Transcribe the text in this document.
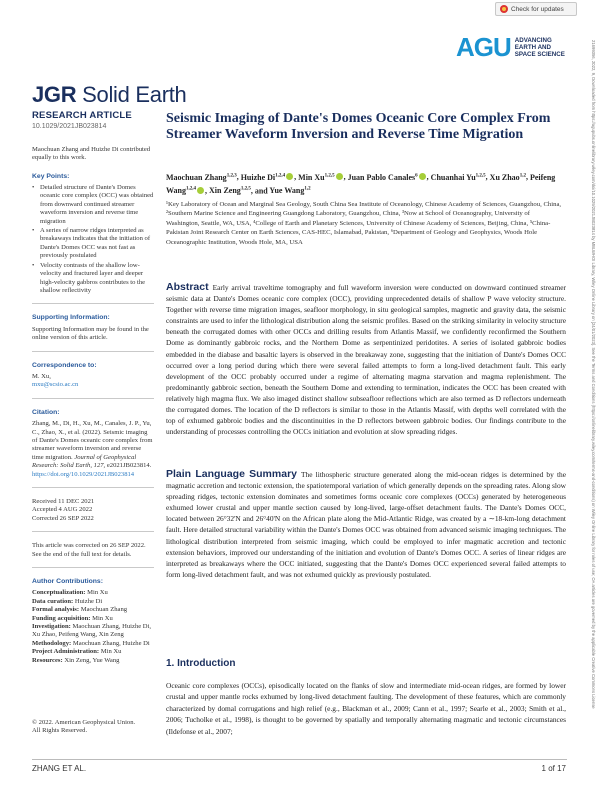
Check for updates
AGU ADVANCING
EARTH AND
SPACE SCIENCE
JGR Solid Earth
RESEARCH ARTICLE
10.1029/2021JB023814
Maochuan Zhang and Huizhe Di contributed equally to this work.
Key Points:
• Detailed structure of Dante's Domes oceanic core complex (OCC) was obtained from downward continued streamer waveform inversion and reverse time migration
• A series of narrow ridges interpreted as breakaways indicates that the initiation of Dante's Domes OCC was not fast as previously postulated
• Velocity contrasts of the shallow low-velocity and fractured layer and deeper high-velocity gabbros contributes to the shallow reflectivity
Supporting Information:
Supporting Information may be found in the online version of this article.
Correspondence to:
M. Xu,
mxu@scsio.ac.cn
Citation:
Zhang, M., Di, H., Xu, M., Canales, J. P., Yu, C., Zhao, X., et al. (2022). Seismic imaging of Dante's Domes oceanic core complex from streamer waveform inversion and reverse time migration. Journal of Geophysical Research: Solid Earth, 127, e2021JB023814. https://doi.org/10.1029/2021JB023814
Received 11 DEC 2021
Accepted 4 AUG 2022
Corrected 26 SEP 2022
This article was corrected on 26 SEP 2022. See the end of the full text for details.
Author Contributions:
Conceptualization: Min Xu
Data curation: Huizhe Di
Formal analysis: Maochuan Zhang
Funding acquisition: Min Xu
Investigation: Maochuan Zhang, Huizhe Di, Xu Zhao, Peifeng Wang, Xin Zeng
Methodology: Maochuan Zhang, Huizhe Di
Project Administration: Min Xu
Resources: Xin Zeng, Yue Wang
© 2022. American Geophysical Union.
All Rights Reserved.
Seismic Imaging of Dante's Domes Oceanic Core Complex From Streamer Waveform Inversion and Reverse Time Migration
Maochuan Zhang$^{1,2,3}$, Huizhe Di$^{1,2,4}$ , Min Xu$^{1,2,5}$ , Juan Pablo Canales$^6$ , Chuanhai Yu$^{1,2,5}$, Xu Zhao$^{1,2}$, Peifeng Wang$^{1,2,4}$ , Xin Zeng$^{1,2,5}$, and Yue Wang$^{1,2}$
¹Key Laboratory of Ocean and Marginal Sea Geology, South China Sea Institute of Oceanology, Chinese Academy of Sciences, Guangzhou, China, ²Southern Marine Science and Engineering Guangdong Laboratory, Guangzhou, China, ³Now at School of Oceanography, University of Washington, Seattle, WA, USA, ⁴College of Earth and Planetary Sciences, University of Chinese Academy of Sciences, Beijing, China, ⁵China-Pakistan Joint Research Center on Earth Sciences, CAS-HEC, Islamabad, Pakistan, ⁶Department of Geology and Geophysics, Woods Hole Oceanographic Institution, Woods Hole, MA, USA
Abstract Early arrival traveltime tomography and full waveform inversion were conducted on downward continued streamer seismic data at Dante's Domes oceanic core complex (OCC), providing unprecedented details of shallow P wave velocity structure. Together with reverse time migration images, seafloor morphology, in situ geological samples, magnetic and gravity data, the seismic constraints are used to infer the lithological distribution along the seismic profiles. Based on the striking similarity in velocity structure beneath the corrugated domes with other OCCs and drilling results from Atlantis Massif, we confidently reconfirmed the Southern Dome as dominantly gabbroic rocks, and the Northern Dome as serpentinized peridotites. A series of isolated gabbroic bodies embedded in the diabase and basaltic layers is observed in the breakaway zone, suggesting that the initiation of Dante's Domes OCC occurred over a long period during which there were several failed attempts to form a long-lived detachment fault. This early development of the OCC probably occurred under a regime of alternating magma starvation and magma replenishment. The predominantly gabbroic section, beneath the Southern Dome and extending to termination, indicates the OCC has been created with relatively high magma flux. We also imaged distinct shallow subseafloor reflections which are also termed as D reflectors underneath the corrugated domes. The location of the D reflectors is similar to those in the Atlantis Massif, with depths well correlated with the top of exhumed gabbroic bodies and the discontinuities in the D reflectors between gabbroic bodies. Our findings contribute to the understanding of processes controlling the OCCs initiation and evolution at slow spreading ridges.
Plain Language Summary The lithospheric structure generated along the mid-ocean ridges is determined by the magmatic accretion and tectonic extension, the spatiotemporal variation of which generally depends on the spreading rates. Along slow spreading ridges, tectonic extension dominates and sometimes forms oceanic core complexes (OCCs) generated by heterogeneous exhumed lower crustal and upper mantle section caused by long-lived, large-offset detachment faults. The Dante's Domes OCC, located between 26°32'N and 26°40'N on the African plate along the Mid-Atlantic Ridge, was created by a ∼18-km-long detachment fault. Here detailed structural variability within the Dante's Domes OCC was obtained from advanced seismic imaging techniques. The lithological distribution interpreted from seismic imaging, which could be employed to infer magmatic accretion and tectonic extension behaviors, improved our understanding of the initiation and evolution of Dante's Domes OCC. A series of linear ridges are interpreted as breakaways where the OCC initiated, suggesting that the Dante's Domes OCC experienced several failed attempts to form long-lived detachment fault, and was not exhumed quickly as previously postulated.
1. Introduction
Oceanic core complexes (OCCs), episodically located on the flanks of slow and intermediate mid-ocean ridges, are formed by lower crustal and upper mantle rocks exhumed by long-lived detachment faulting. The development of these features, which are commonly characterized by domal corrugations and high relief (e.g., Blackman et al., 2009; Cann et al., 1997; Searle et al., 2003; Smith et al., 2006; Tucholke et al., 1998), is thought to be governed by spatially and temporally alternating magmatic and tectonic circumstances (Ildefonse et al., 2007;
21699356, 2022, 9, Downloaded from https://agupubs.onlinelibrary.wiley.com/doi/10.1029/2021JB023814 by MBLWHOI Library, Wiley Online Library on [24/01/2023]. See the Terms and Conditions (https://onlinelibrary.wiley.com/terms-and-conditions) on Wiley Online Library for rules of use; OA articles are governed by the applicable Creative Commons License
ZHANG ET AL.	1 of 17
